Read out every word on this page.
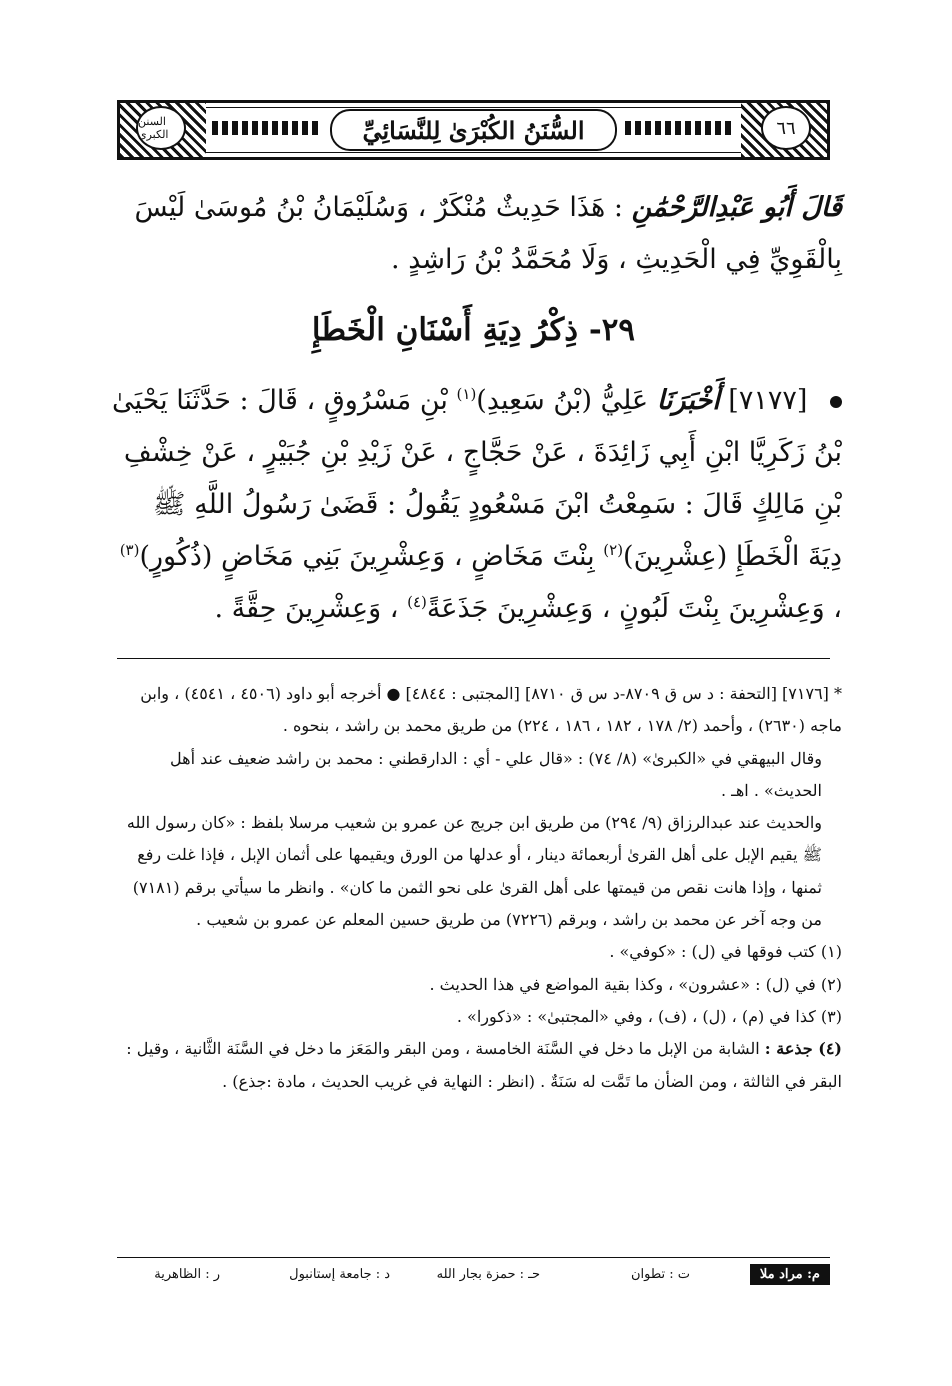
السنن الكبرى	السُّنَنُ الكُبْرَىٰ لِلنَّسَائِيِّ	٦٦
قَالَ أَبُو عَبْدِالرَّحْمَٰنِ : هَذَا حَدِيثٌ مُنْكَرٌ ، وَسُلَيْمَانُ بْنُ مُوسَىٰ لَيْسَ بِالْقَوِيِّ فِي الْحَدِيثِ ، وَلَا مُحَمَّدُ بْنُ رَاشِدٍ .
٢٩- ذِكْرُ دِيَةِ أَسْنَانِ الْخَطَإِ
[٧١٧٧] أَخْبَرَنَا عَلِيُّ (بْنُ سَعِيدِ)$^{(١)}$ بْنِ مَسْرُوقٍ ، قَالَ : حَدَّثَنَا يَحْيَىٰ بْنُ زَكَرِيَّا ابْنِ أَبِي زَائِدَةَ ، عَنْ حَجَّاجٍ ، عَنْ زَيْدِ بْنِ جُبَيْرٍ ، عَنْ خِشْفِ بْنِ مَالِكٍ قَالَ : سَمِعْتُ ابْنَ مَسْعُودٍ يَقُولُ : قَضَىٰ رَسُولُ اللَّهِ ﷺ دِيَةَ الْخَطَإِ (عِشْرِينَ)$^{(٢)}$ بِنْتَ مَخَاضٍ ، وَعِشْرِينَ بَنِي مَخَاضٍ (ذُكُورٍ)$^{(٣)}$ ، وَعِشْرِينَ بِنْتَ لَبُونٍ ، وَعِشْرِينَ جَذَعَةً$^{(٤)}$ ، وَعِشْرِينَ حِقَّةً .

* [٧١٧٦] [التحفة : د س ق ٨٧٠٩-د س ق ٨٧١٠] [المجتبى : ٤٨٤٤] ● أخرجه أبو داود (٤٥٠٦ ، ٤٥٤١) ، وابن ماجه (٢٦٣٠) ، وأحمد (٢/ ١٧٨ ، ١٨٢ ، ١٨٦ ، ٢٢٤) من طريق محمد بن راشد ، بنحوه .

وقال البيهقي في «الكبرىٰ» (٨/ ٧٤) : «قال علي - أي : الدارقطني : محمد بن راشد ضعيف عند أهل الحديث» . اهـ .

والحديث عند عبدالرزاق (٩/ ٢٩٤) من طريق ابن جريج عن عمرو بن شعيب مرسلا بلفظ : «كان رسول الله ﷺ يقيم الإبل على أهل القرىٰ أربعمائة دينار ، أو عدلها من الورق ويقيمها على أثمان الإبل ، فإذا غلت رفع ثمنها ، وإذا هانت نقص من قيمتها على أهل القرىٰ على نحو الثمن ما كان» . وانظر ما سيأتي برقم (٧١٨١) من وجه آخر عن محمد بن راشد ، وبرقم (٧٢٢٦) من طريق حسين المعلم عن عمرو بن شعيب .

(١) كتب فوقها في (ل) : «كوفي» .

(٢) في (ل) : «عشرون» ، وكذا بقية المواضع في هذا الحديث .

(٣) كذا في (م) ، (ل) ، (ف) ، وفي «المجتبىٰ» : «ذكورا» .

(٤) جذعة : الشابة من الإبل ما دخل في السَّنَة الخامسة ، ومن البقر والمَعَز ما دخل في السَّنَة الثَّانية ، وقيل : البقر في الثالثة ، ومن الضأن ما تَمَّت له سَنَةٌ . (انظر : النهاية في غريب الحديث ، مادة :جذع) .

م: مراد ملا
ت : تطوان
حـ : حمزة بجار الله
د : جامعة إستانبول
ر : الظاهرية
